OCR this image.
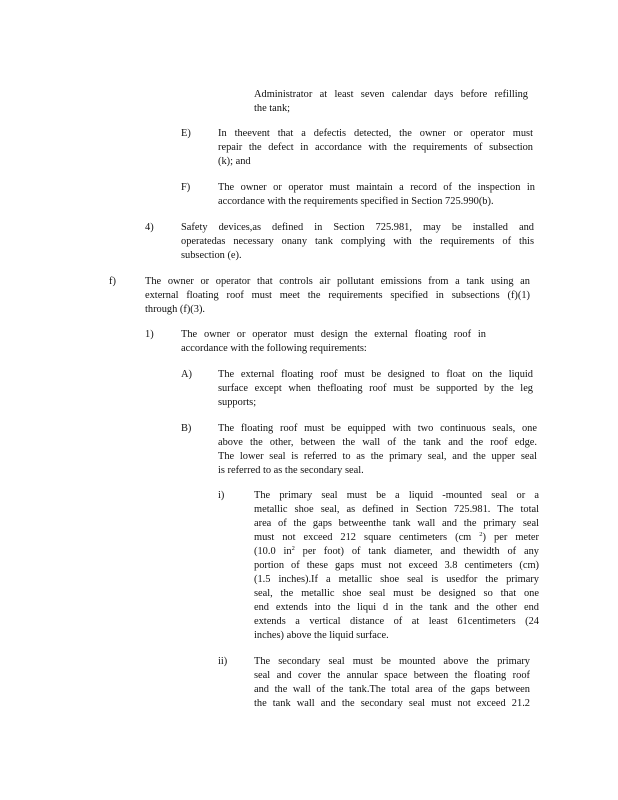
Administrator at least seven calendar days before refilling
the tank;
E)	In theevent that a defectis detected, the owner or operator must
repair the defect in accordance with the requirements of subsection
(k); and
F)	The owner or operator must maintain a record of the inspection in
accordance with the requirements specified in Section 725.990(b).
4)	Safety devices,as defined in Section 725.981, may be installed and
operatedas necessary onany tank complying with the requirements of this
subsection (e).
f)	The owner or operator that controls air pollutant emissions from a tank using an
external floating roof must meet the requirements specified in subsections (f)(1)
through (f)(3).
1)	The owner or operator must design the external floating roof in
accordance with the following requirements:
A)	The external floating roof must be designed to float on the liquid
surface except when thefloating roof must be supported by the leg
supports;
B)	The floating roof must be equipped with two continuous seals, one
above the other, between the wall of the tank and the roof edge.
The lower seal is referred to as the primary seal, and the upper seal
is referred to as the secondary seal.
i)	The primary seal must be a liquid -mounted seal or a
metallic shoe seal, as defined in Section 725.981. The total
area of the gaps betweenthe tank wall and the primary seal
must not exceed 212 square centimeters (cm $^2$) per meter
(10.0 $in^2$ per foot) of tank diameter, and thewidth of any
portion of these gaps must not exceed 3.8 centimeters (cm)
(1.5 inches).If a metallic shoe seal is usedfor the primary
seal, the metallic shoe seal must be designed so that one
end extends into the liqui d in the tank and the other end
extends a vertical distance of at least 61centimeters (24
inches) above the liquid surface.
ii)	The secondary seal must be mounted above the primary
seal and cover the annular space between the floating roof
and the wall of the tank.The total area of the gaps between
the tank wall and the secondary seal must not exceed 21.2
